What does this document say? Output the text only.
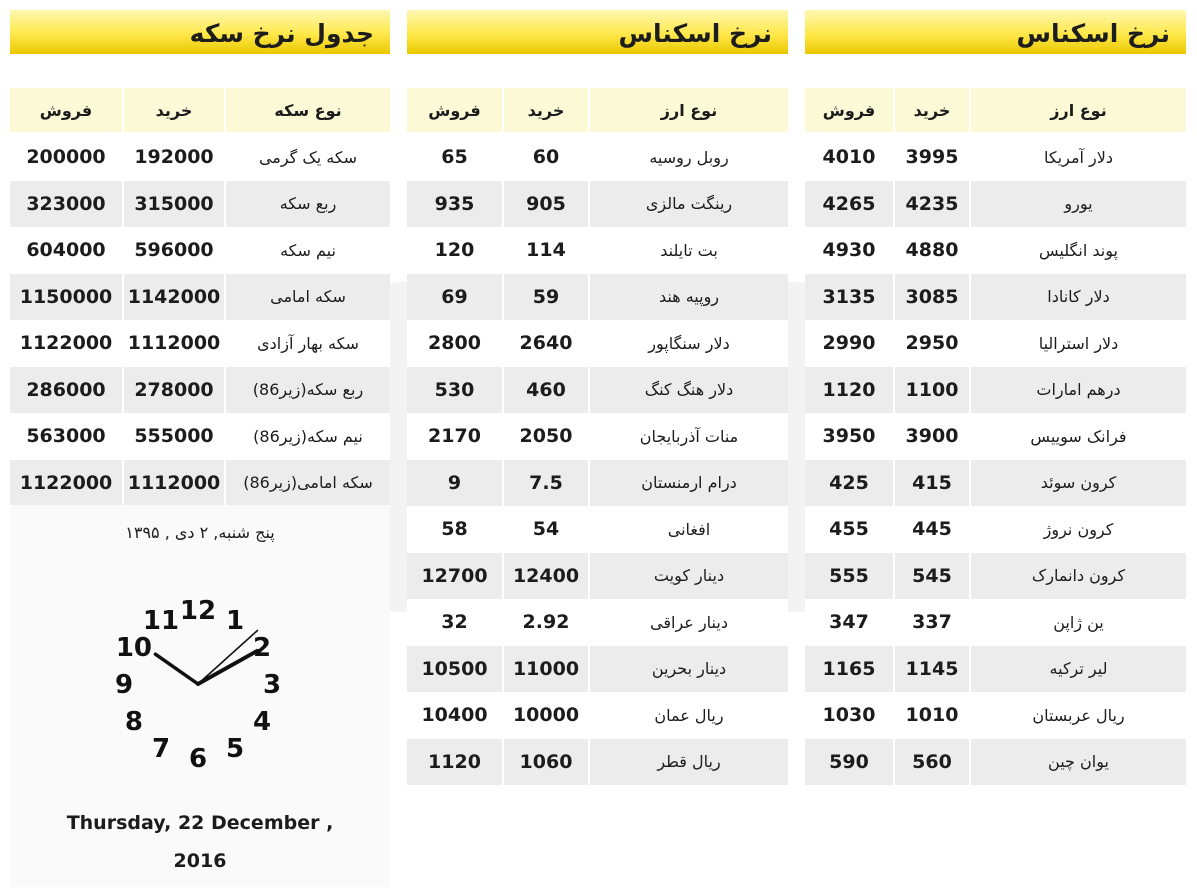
جدول نرخ سکه
نوع سکه	خرید	فروش
سکه یک گرمی	192000	200000
ربع سکه	315000	323000
نیم سکه	596000	604000
سکه امامی	1142000	1150000
سکه بهار آزادی	1112000	1122000
ربع سکه(زیر86)	278000	286000
نیم سکه(زیر86)	555000	563000
سکه امامی(زیر86)	1112000	1122000
پنج شنبه, ۲ دی , ۱۳۹۵
12 1
2
3
4
5
6
7
8
9
10
11
Thursday, 22 December ,
2016
نرخ اسکناس
نوع ارز	خرید	فروش
روبل روسیه	60	65
رینگت مالزی	905	935
بت تایلند	114	120
روپیه هند	59	69
دلار سنگاپور	2640	2800
دلار هنگ کنگ	460	530
منات آذربایجان	2050	2170
درام ارمنستان	7.5	9
افغانی	54	58
دینار کویت	12400	12700
دینار عراقی	2.92	32
دینار بحرین	11000	10500
ریال عمان	10000	10400
ریال قطر	1060	1120
نرخ اسکناس
نوع ارز	خرید	فروش
دلار آمریکا	3995	4010
یورو	4235	4265
پوند انگلیس	4880	4930
دلار کانادا	3085	3135
دلار استرالیا	2950	2990
درهم امارات	1100	1120
فرانک سوییس	3900	3950
کرون سوئد	415	425
کرون نروژ	445	455
کرون دانمارک	545	555
ین ژاپن	337	347
لیر ترکیه	1145	1165
ریال عربستان	1010	1030
یوان چین	560	590
